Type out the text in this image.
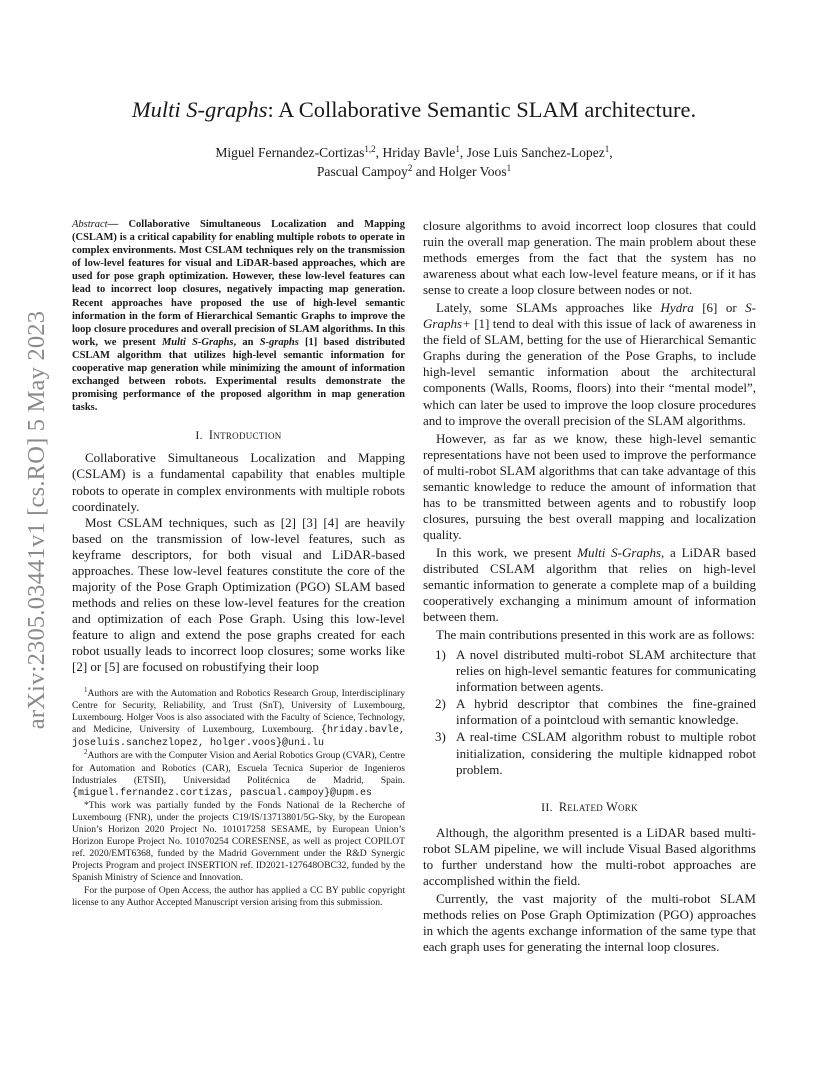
arXiv:2305.03441v1 [cs.RO] 5 May 2023
Multi S-graphs: A Collaborative Semantic SLAM architecture.
Miguel Fernandez-Cortizas$^{1,2}$, Hriday Bavle$^1$, Jose Luis Sanchez-Lopez$^1$,
Pascual Campoy$^2$ and Holger Voos$^1$

Abstract— Collaborative Simultaneous Localization and Mapping (CSLAM) is a critical capability for enabling multiple robots to operate in complex environments. Most CSLAM techniques rely on the transmission of low-level features for visual and LiDAR-based approaches, which are used for pose graph optimization. However, these low-level features can lead to incorrect loop closures, negatively impacting map generation. Recent approaches have proposed the use of high-level semantic information in the form of Hierarchical Semantic Graphs to improve the loop closure procedures and overall precision of SLAM algorithms. In this work, we present Multi S-Graphs, an S-graphs [1] based distributed CSLAM algorithm that utilizes high-level semantic information for cooperative map generation while minimizing the amount of information exchanged between robots. Experimental results demonstrate the promising performance of the proposed algorithm in map generation tasks.

I. Introduction

Collaborative Simultaneous Localization and Mapping (CSLAM) is a fundamental capability that enables multiple robots to operate in complex environments with multiple robots coordinately.

Most CSLAM techniques, such as [2] [3] [4] are heavily based on the transmission of low-level features, such as keyframe descriptors, for both visual and LiDAR-based approaches. These low-level features constitute the core of the majority of the Pose Graph Optimization (PGO) SLAM based methods and relies on these low-level features for the creation and optimization of each Pose Graph. Using this low-level feature to align and extend the pose graphs created for each robot usually leads to incorrect loop closures; some works like [2] or [5] are focused on robustifying their loop

$^1$Authors are with the Automation and Robotics Research Group, Interdisciplinary Centre for Security, Reliability, and Trust (SnT), University of Luxembourg, Luxembourg. Holger Voos is also associated with the Faculty of Science, Technology, and Medicine, University of Luxembourg, Luxembourg. {hriday.bavle, joseluis.sanchezlopez, holger.voos}@uni.lu

$^2$Authors are with the Computer Vision and Aerial Robotics Group (CVAR), Centre for Automation and Robotics (CAR), Escuela Tecnica Superior de Ingenieros Industriales (ETSII), Universidad Politécnica de Madrid, Spain. {miguel.fernandez.cortizas, pascual.campoy}@upm.es

*This work was partially funded by the Fonds National de la Recherche of Luxembourg (FNR), under the projects C19/IS/13713801/5G-Sky, by the European Union’s Horizon 2020 Project No. 101017258 SESAME, by European Union’s Horizon Europe Project No. 101070254 CORESENSE, as well as project COPILOT ref. 2020/EMT6368, funded by the Madrid Government under the R&D Synergic Projects Program and project INSERTION ref. ID2021-127648OBC32, funded by the Spanish Ministry of Science and Innovation.

For the purpose of Open Access, the author has applied a CC BY public copyright license to any Author Accepted Manuscript version arising from this submission.

closure algorithms to avoid incorrect loop closures that could ruin the overall map generation. The main problem about these methods emerges from the fact that the system has no awareness about what each low-level feature means, or if it has sense to create a loop closure between nodes or not.

Lately, some SLAMs approaches like Hydra [6] or S-Graphs+ [1] tend to deal with this issue of lack of awareness in the field of SLAM, betting for the use of Hierarchical Semantic Graphs during the generation of the Pose Graphs, to include high-level semantic information about the architectural components (Walls, Rooms, floors) into their “mental model”, which can later be used to improve the loop closure procedures and to improve the overall precision of the SLAM algorithms.

However, as far as we know, these high-level semantic representations have not been used to improve the performance of multi-robot SLAM algorithms that can take advantage of this semantic knowledge to reduce the amount of information that has to be transmitted between agents and to robustify loop closures, pursuing the best overall mapping and localization quality.

In this work, we present Multi S-Graphs, a LiDAR based distributed CSLAM algorithm that relies on high-level semantic information to generate a complete map of a building cooperatively exchanging a minimum amount of information between them.

The main contributions presented in this work are as follows:

1) A novel distributed multi-robot SLAM architecture that relies on high-level semantic features for communicating information between agents.
2) A hybrid descriptor that combines the fine-grained information of a pointcloud with semantic knowledge.
3) A real-time CSLAM algorithm robust to multiple robot initialization, considering the multiple kidnapped robot problem.
II. Related Work

Although, the algorithm presented is a LiDAR based multi-robot SLAM pipeline, we will include Visual Based algorithms to further understand how the multi-robot approaches are accomplished within the field.

Currently, the vast majority of the multi-robot SLAM methods relies on Pose Graph Optimization (PGO) approaches in which the agents exchange information of the same type that each graph uses for generating the internal loop closures.
